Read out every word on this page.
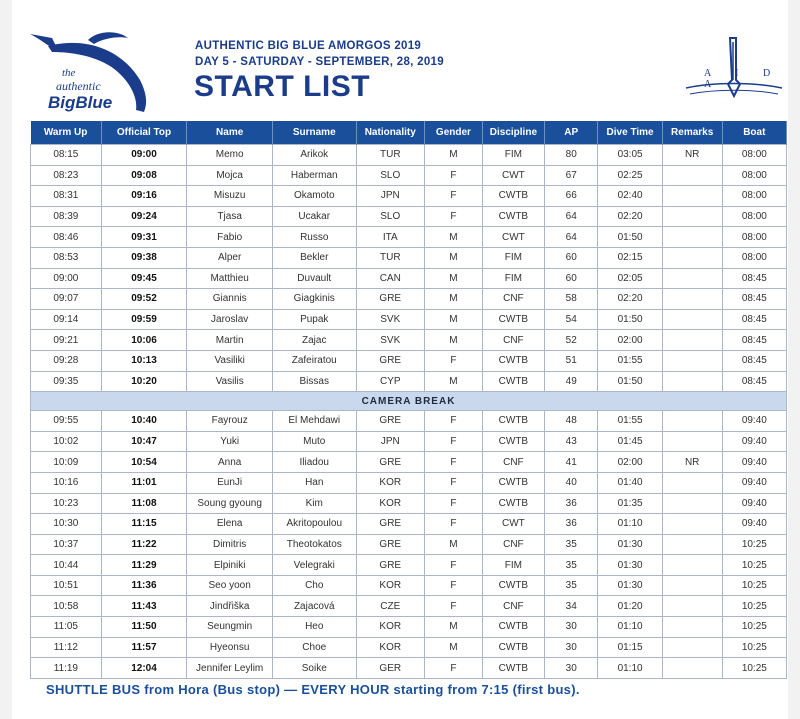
the
authentic
BigBlue
AUTHENTIC BIG BLUE AMORGOS 2019
DAY 5 - SATURDAY - SEPTEMBER, 28, 2019
START LIST	A I D A
Warm Up	Official Top	Name	Surname	Nationality	Gender	Discipline	AP	Dive Time	Remarks	Boat
08:15	09:00	Memo	Arikok	TUR	M	FIM	80	03:05	NR	08:00
08:23	09:08	Mojca	Haberman	SLO	F	CWT	67	02:25		08:00
08:31	09:16	Misuzu	Okamoto	JPN	F	CWTB	66	02:40		08:00
08:39	09:24	Tjasa	Ucakar	SLO	F	CWTB	64	02:20		08:00
08:46	09:31	Fabio	Russo	ITA	M	CWT	64	01:50		08:00
08:53	09:38	Alper	Bekler	TUR	M	FIM	60	02:15		08:00
09:00	09:45	Matthieu	Duvault	CAN	M	FIM	60	02:05		08:45
09:07	09:52	Giannis	Giagkinis	GRE	M	CNF	58	02:20		08:45
09:14	09:59	Jaroslav	Pupak	SVK	M	CWTB	54	01:50		08:45
09:21	10:06	Martin	Zajac	SVK	M	CNF	52	02:00		08:45
09:28	10:13	Vasiliki	Zafeiratou	GRE	F	CWTB	51	01:55		08:45
09:35	10:20	Vasilis	Bissas	CYP	M	CWTB	49	01:50		08:45
CAMERA BREAK										
09:55	10:40	Fayrouz	El Mehdawi	GRE	F	CWTB	48	01:55		09:40
10:02	10:47	Yuki	Muto	JPN	F	CWTB	43	01:45		09:40
10:09	10:54	Anna	Iliadou	GRE	F	CNF	41	02:00	NR	09:40
10:16	11:01	EunJi	Han	KOR	F	CWTB	40	01:40		09:40
10:23	11:08	Soung gyoung	Kim	KOR	F	CWTB	36	01:35		09:40
10:30	11:15	Elena	Akritopoulou	GRE	F	CWT	36	01:10		09:40
10:37	11:22	Dimitris	Theotokatos	GRE	M	CNF	35	01:30		10:25
10:44	11:29	Elpiniki	Velegraki	GRE	F	FIM	35	01:30		10:25
10:51	11:36	Seo yoon	Cho	KOR	F	CWTB	35	01:30		10:25
10:58	11:43	Jindřiška	Zajacová	CZE	F	CNF	34	01:20		10:25
11:05	11:50	Seungmin	Heo	KOR	M	CWTB	30	01:10		10:25
11:12	11:57	Hyeonsu	Choe	KOR	M	CWTB	30	01:15		10:25
11:19	12:04	Jennifer Leylim	Soike	GER	F	CWTB	30	01:10		10:25
SHUTTLE BUS from Hora (Bus stop) — EVERY HOUR starting from 7:15 (first bus).
